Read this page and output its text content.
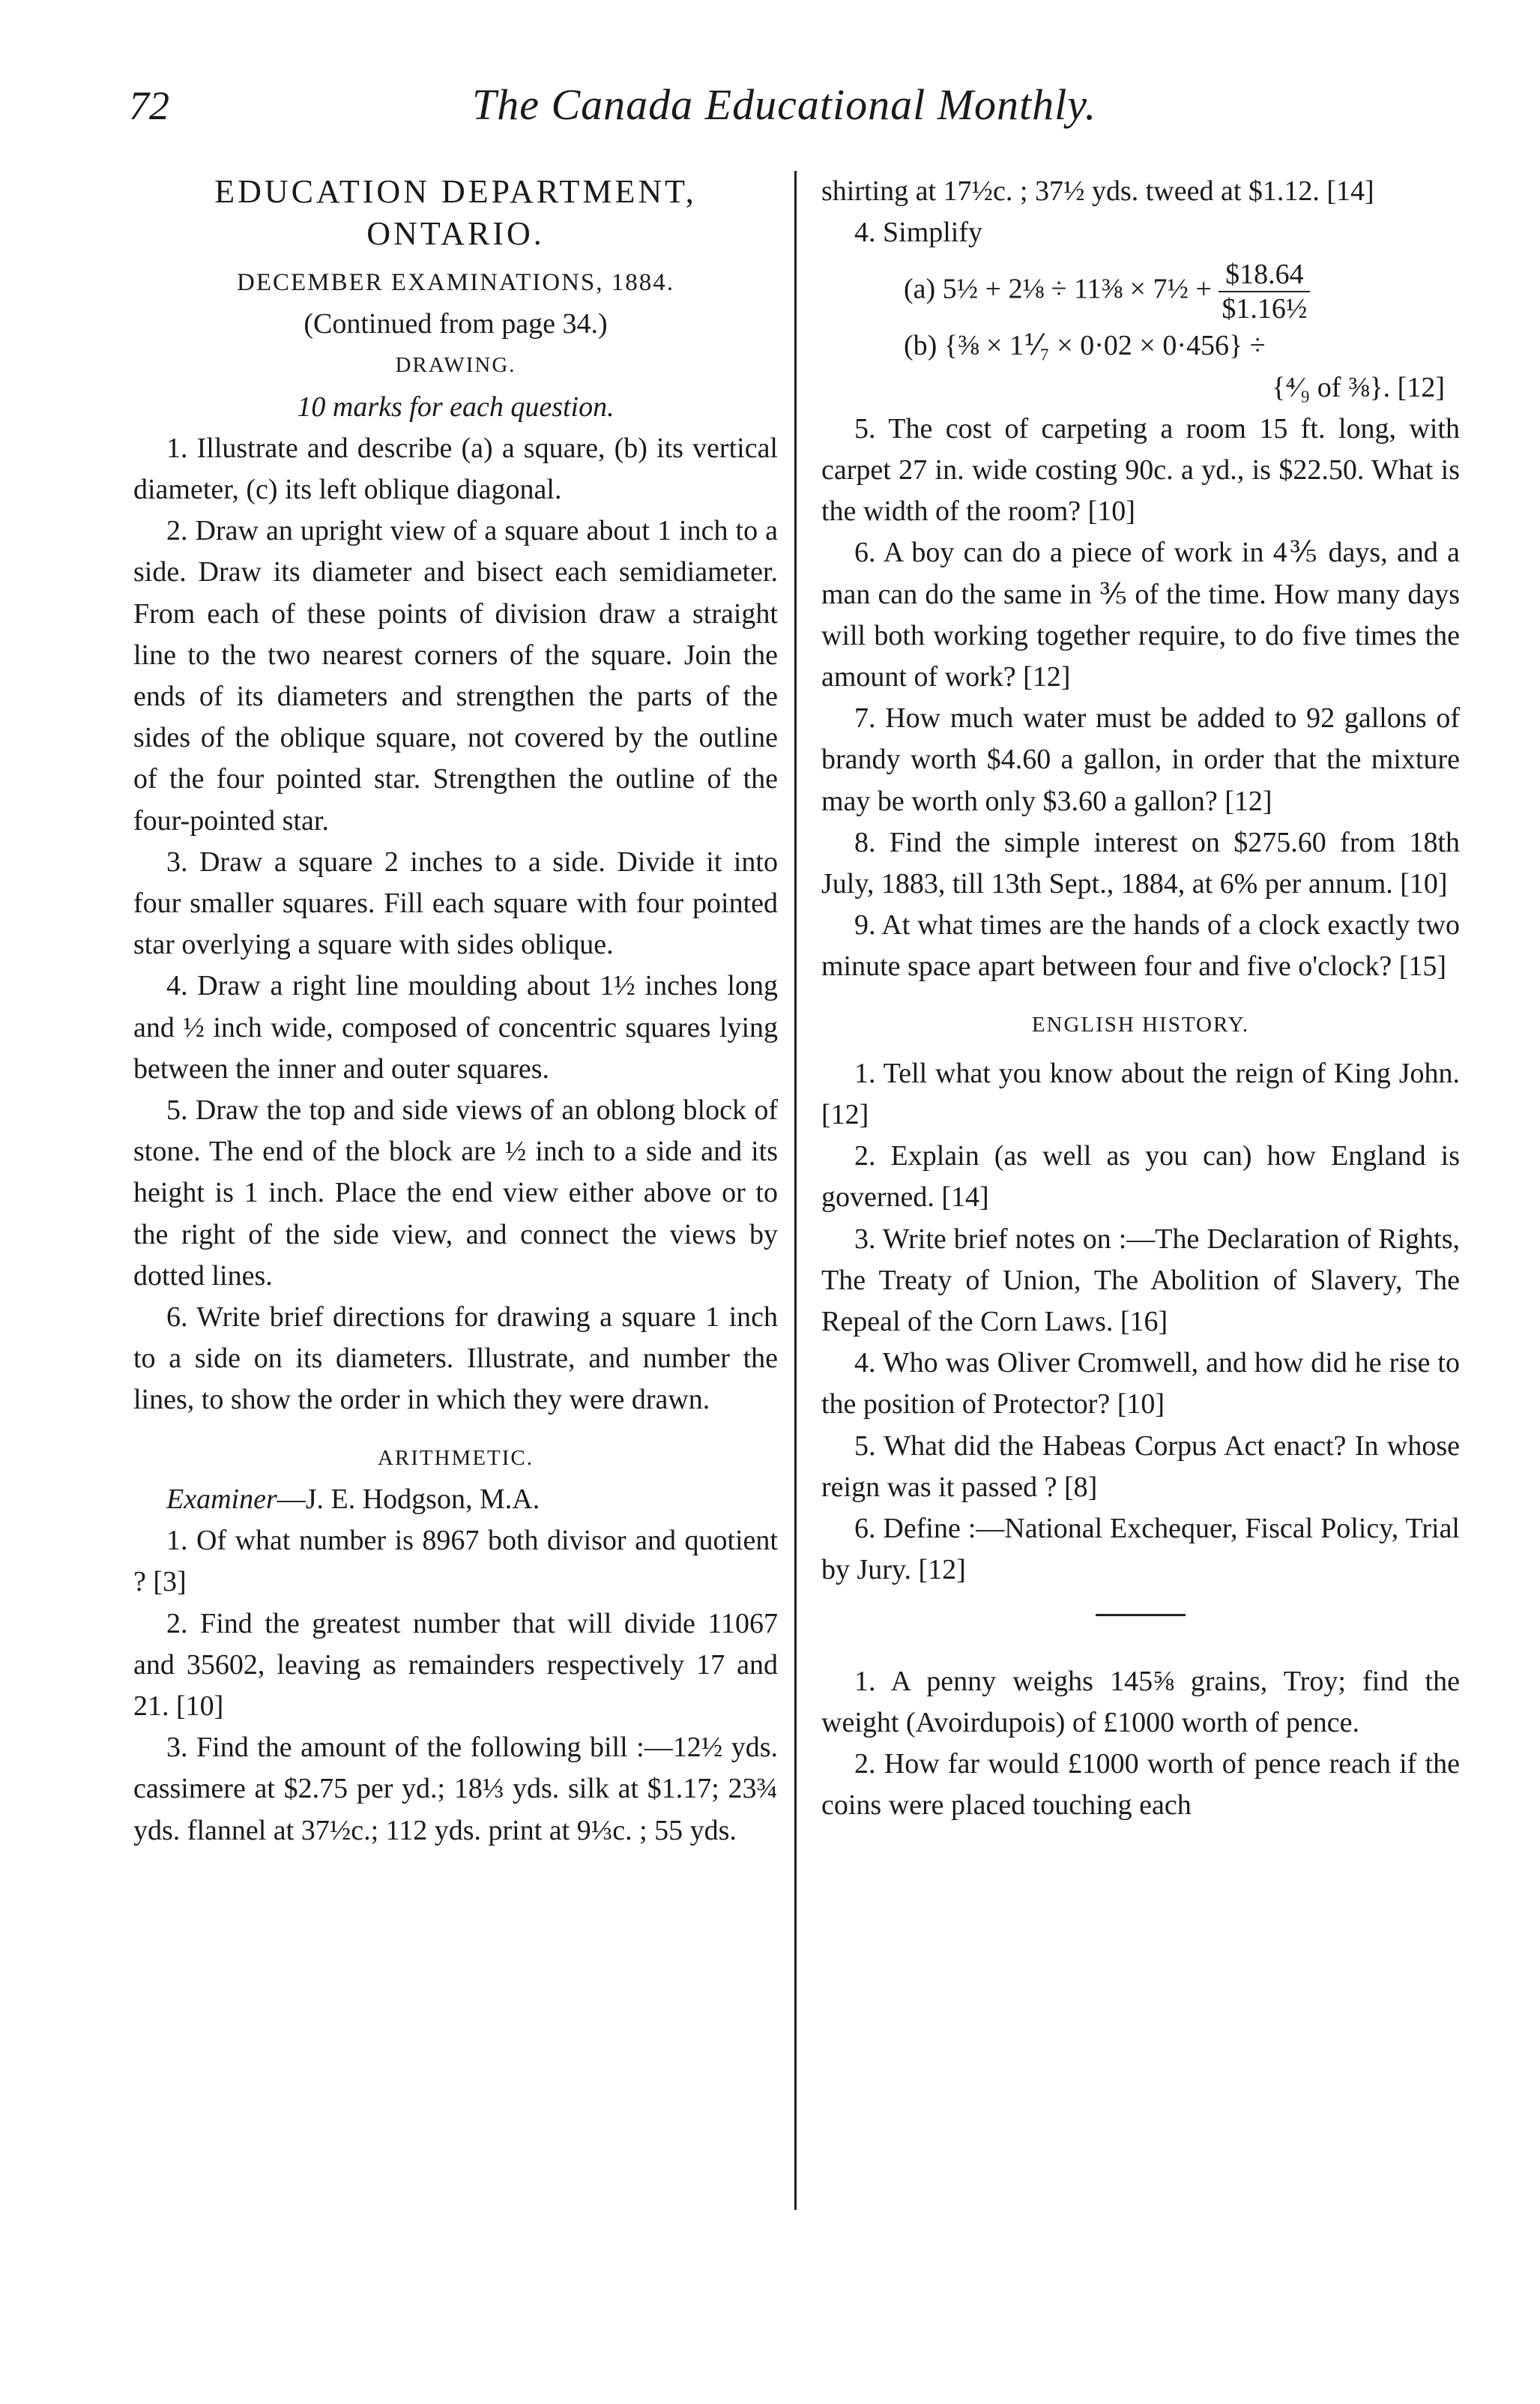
72	The Canada Educational Monthly.

EDUCATION DEPARTMENT,

ONTARIO.

DECEMBER EXAMINATIONS, 1884.

(Continued from page 34.)

DRAWING.

10 marks for each question.

1. Illustrate and describe (a) a square, (b) its vertical diameter, (c) its left oblique diagonal.

2. Draw an upright view of a square about 1 inch to a side. Draw its diameter and bisect each semidiameter. From each of these points of division draw a straight line to the two nearest corners of the square. Join the ends of its diameters and strengthen the parts of the sides of the oblique square, not covered by the outline of the four pointed star. Strengthen the outline of the four-pointed star.

3. Draw a square 2 inches to a side. Divide it into four smaller squares. Fill each square with four pointed star overlying a square with sides oblique.

4. Draw a right line moulding about 1½ inches long and ½ inch wide, composed of concentric squares lying between the inner and outer squares.

5. Draw the top and side views of an oblong block of stone. The end of the block are ½ inch to a side and its height is 1 inch. Place the end view either above or to the right of the side view, and connect the views by dotted lines.

6. Write brief directions for drawing a square 1 inch to a side on its diameters. Illustrate, and number the lines, to show the order in which they were drawn.

ARITHMETIC.

Examiner—J. E. Hodgson, M.A.

1. Of what number is 8967 both divisor and quotient ? [3]

2. Find the greatest number that will divide 11067 and 35602, leaving as remainders respectively 17 and 21. [10]

3. Find the amount of the following bill :—12½ yds. cassimere at $2.75 per yd.; 18⅓ yds. silk at $1.17; 23¾ yds. flannel at 37½c.; 112 yds. print at 9⅓c. ; 55 yds.

shirting at 17½c. ; 37½ yds. tweed at $1.12. [14]

4. Simplify

(a) 5½ + 2⅛ ÷ 11⅜ × 7½ + $\frac{\$18.64}{\text{\$1.16½}}$

(b) {⅜ × 1⅟₇ × 0·02 × 0·456} ÷

{⁴⁄₉ of ⅜}. [12]

5. The cost of carpeting a room 15 ft. long, with carpet 27 in. wide costing 90c. a yd., is $22.50. What is the width of the room? [10]

6. A boy can do a piece of work in 4⅗ days, and a man can do the same in ⅗ of the time. How many days will both working together require, to do five times the amount of work? [12]

7. How much water must be added to 92 gallons of brandy worth $4.60 a gallon, in order that the mixture may be worth only $3.60 a gallon? [12]

8. Find the simple interest on $275.60 from 18th July, 1883, till 13th Sept., 1884, at 6% per annum. [10]

9. At what times are the hands of a clock exactly two minute space apart between four and five o'clock? [15]

ENGLISH HISTORY.

1. Tell what you know about the reign of King John. [12]

2. Explain (as well as you can) how England is governed. [14]

3. Write brief notes on :—The Declaration of Rights, The Treaty of Union, The Abolition of Slavery, The Repeal of the Corn Laws. [16]

4. Who was Oliver Cromwell, and how did he rise to the position of Protector? [10]

5. What did the Habeas Corpus Act enact? In whose reign was it passed ? [8]

6. Define :—National Exchequer, Fiscal Policy, Trial by Jury. [12]

1. A penny weighs 145⅝ grains, Troy; find the weight (Avoirdupois) of £1000 worth of pence.

2. How far would £1000 worth of pence reach if the coins were placed touching each
